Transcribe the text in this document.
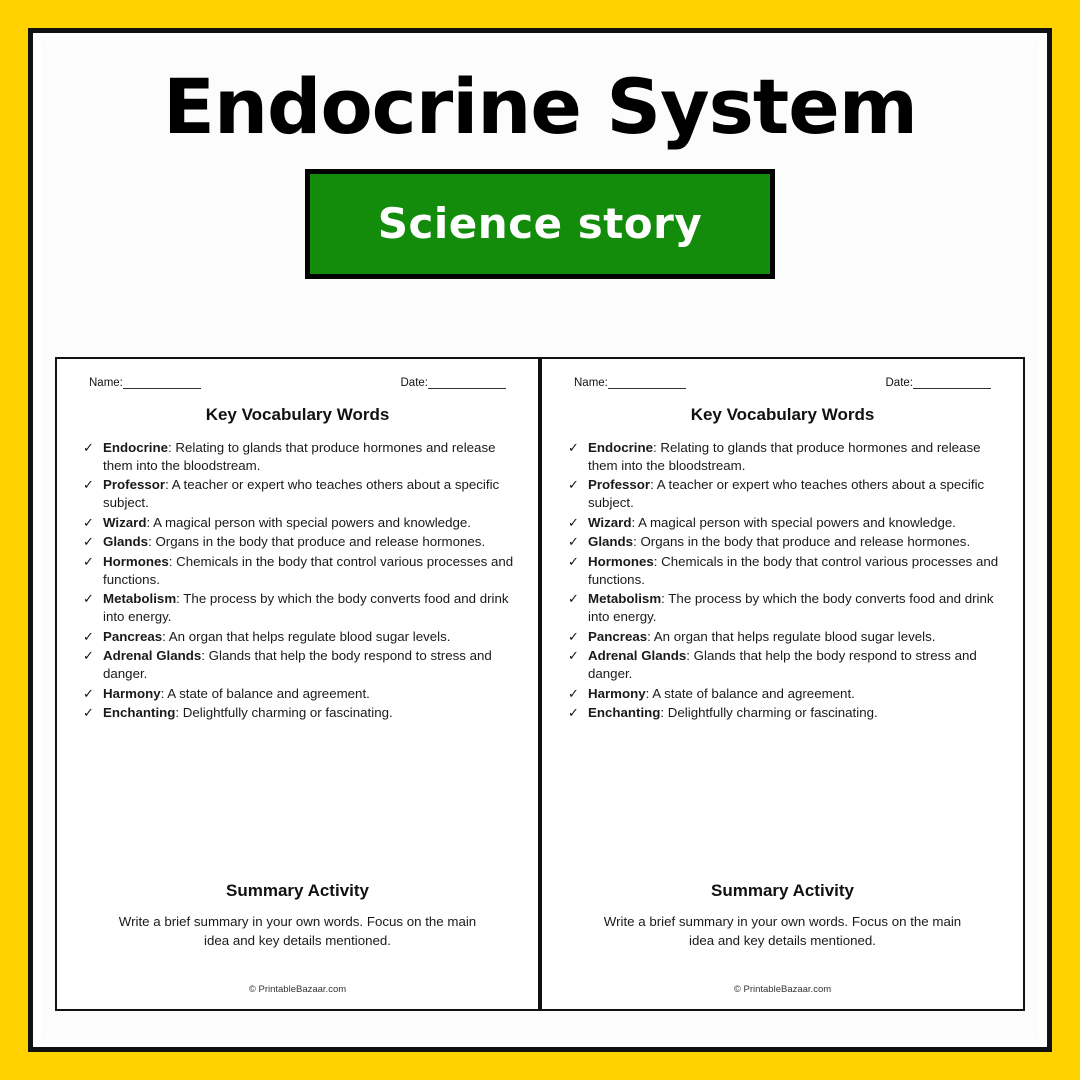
Endocrine System
Science story
Name:	Date:
Key Vocabulary Words
✓ Endocrine: Relating to glands that produce hormones and release them into the bloodstream.
✓ Professor: A teacher or expert who teaches others about a specific subject.
✓ Wizard: A magical person with special powers and knowledge.
✓ Glands: Organs in the body that produce and release hormones.
✓ Hormones: Chemicals in the body that control various processes and functions.
✓ Metabolism: The process by which the body converts food and drink into energy.
✓ Pancreas: An organ that helps regulate blood sugar levels.
✓ Adrenal Glands: Glands that help the body respond to stress and danger.
✓ Harmony: A state of balance and agreement.
✓ Enchanting: Delightfully charming or fascinating.
Summary Activity
Write a brief summary in your own words. Focus on the main idea and key details mentioned.
© PrintableBazaar.com
Name:	Date:
Key Vocabulary Words
✓ Endocrine: Relating to glands that produce hormones and release them into the bloodstream.
✓ Professor: A teacher or expert who teaches others about a specific subject.
✓ Wizard: A magical person with special powers and knowledge.
✓ Glands: Organs in the body that produce and release hormones.
✓ Hormones: Chemicals in the body that control various processes and functions.
✓ Metabolism: The process by which the body converts food and drink into energy.
✓ Pancreas: An organ that helps regulate blood sugar levels.
✓ Adrenal Glands: Glands that help the body respond to stress and danger.
✓ Harmony: A state of balance and agreement.
✓ Enchanting: Delightfully charming or fascinating.
Summary Activity
Write a brief summary in your own words. Focus on the main idea and key details mentioned.
© PrintableBazaar.com
